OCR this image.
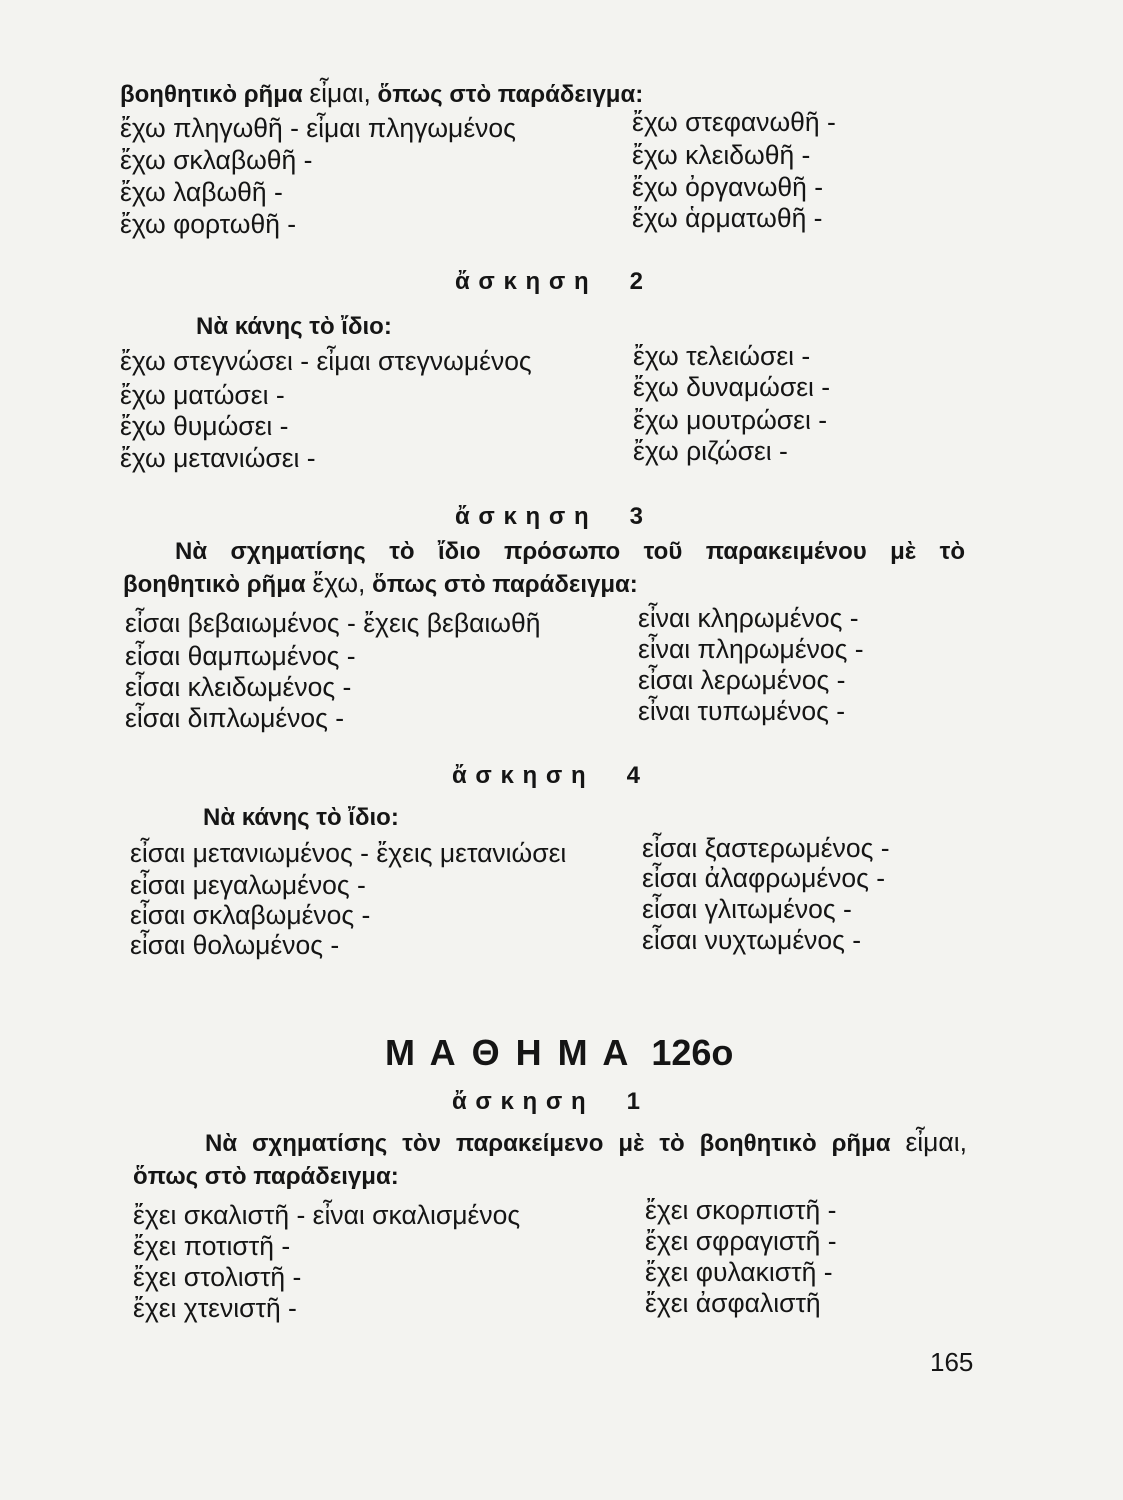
βοηθητικὸ ρῆμα εἶμαι, ὅπως στὸ παράδειγμα:
ἔχω πληγωθῆ - εἶμαι πληγωμένος
ἔχω σκλαβωθῆ -
ἔχω λαβωθῆ -
ἔχω φορτωθῆ -
ἔχω στεφανωθῆ -
ἔχω κλειδωθῆ -
ἔχω ὀργανωθῆ -
ἔχω ἁρματωθῆ -
ἄ σ κ η σ η 2
Νὰ κάνης τὸ ἴδιο:
ἔχω στεγνώσει - εἶμαι στεγνωμένος
ἔχω ματώσει -
ἔχω θυμώσει -
ἔχω μετανιώσει -
ἔχω τελειώσει -
ἔχω δυναμώσει -
ἔχω μουτρώσει -
ἔχω ριζώσει -
ἄ σ κ η σ η 3
Νὰ σχηματίσης τὸ ἴδιο πρόσωπο τοῦ παρακειμένου μὲ τὸ
βοηθητικὸ ρῆμα ἔχω, ὅπως στὸ παράδειγμα:
εἶσαι βεβαιωμένος - ἔχεις βεβαιωθῆ
εἶσαι θαμπωμένος -
εἶσαι κλειδωμένος -
εἶσαι διπλωμένος -
εἶναι κληρωμένος -
εἶναι πληρωμένος -
εἶσαι λερωμένος -
εἶναι τυπωμένος -
ἄ σ κ η σ η 4
Νὰ κάνης τὸ ἴδιο:
εἶσαι μετανιωμένος - ἔχεις μετανιώσει
εἶσαι μεγαλωμένος -
εἶσαι σκλαβωμένος -
εἶσαι θολωμένος -
εἶσαι ξαστερωμένος -
εἶσαι ἀλαφρωμένος -
εἶσαι γλιτωμένος -
εἶσαι νυχτωμένος -
Μ Α Θ Η Μ Α 126ο
ἄ σ κ η σ η 1
Νὰ σχηματίσης τὸν παρακείμενο μὲ τὸ βοηθητικὸ ρῆμα εἶμαι,
ὅπως στὸ παράδειγμα:
ἔχει σκαλιστῆ - εἶναι σκαλισμένος
ἔχει ποτιστῆ -
ἔχει στολιστῆ -
ἔχει χτενιστῆ -
ἔχει σκορπιστῆ -
ἔχει σφραγιστῆ -
ἔχει φυλακιστῆ -
ἔχει ἀσφαλιστῆ
165
